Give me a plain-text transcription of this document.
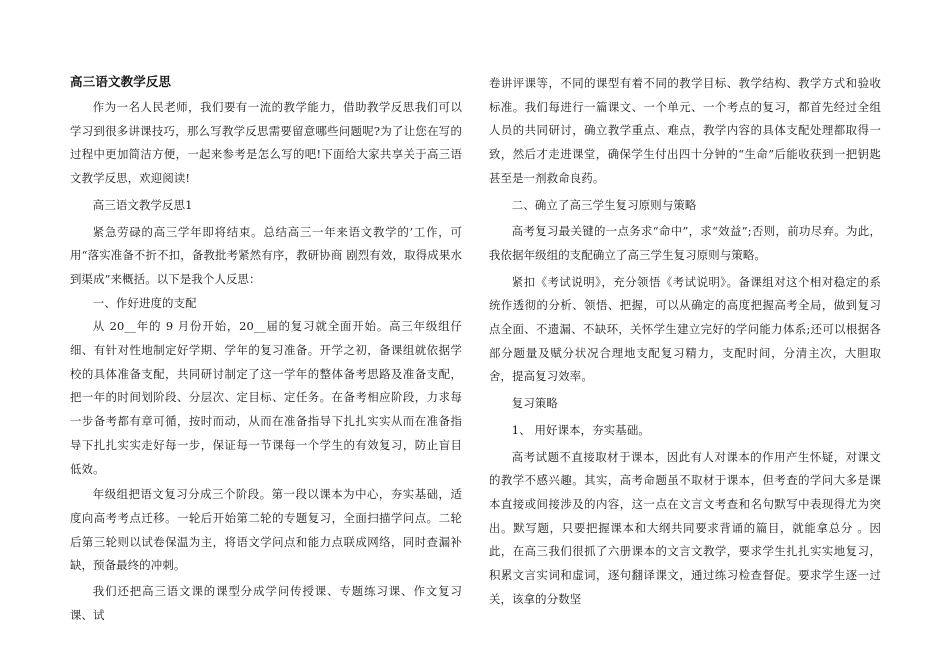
高三语文教学反思

作为一名人民老师，我们要有一流的教学能力，借助教学反思我们可以学习到很多讲课技巧，那么写教学反思需要留意哪些问题呢?为了让您在写的过程中更加简洁方便，一起来参考是怎么写的吧!下面给大家共享关于高三语文教学反思，欢迎阅读!

高三语文教学反思1

紧急劳碌的高三学年即将结束。总结高三一年来语文教学的’工作，可用“落实准备不折不扣，备教批考紧然有序，教研协商 剧烈有效，取得成果水到渠成”来概括。以下是我个人反思：

一、作好进度的支配

从 20__年的 9 月份开始，20__届的复习就全面开始。高三年级组仔细、有针对性地制定好学期、学年的复习准备。开学之初，备课组就依据学校的具体准备支配，共同研讨制定了这一学年的整体备考思路及准备支配，把一年的时间划阶段、分层次、定目标、定任务。在备考相应阶段，力求每一步备考都有章可循，按时而动，从而在准备指导下扎扎实实从而在准备指导下扎扎实实走好每一步，保证每一节课每一个学生的有效复习，防止盲目低效。

年级组把语文复习分成三个阶段。第一段以课本为中心，夯实基础，适度向高考考点迁移。一轮后开始第二轮的专题复习，全面扫描学问点。二轮后第三轮则以试卷保温为主，将语文学问点和能力点联成网络，同时查漏补缺，预备最终的冲刺。

我们还把高三语文课的课型分成学问传授课、专题练习课、作文复习课、试

卷讲评课等，不同的课型有着不同的教学目标、教学结构、教学方式和验收标准。我们每进行一篇课文、一个单元、一个考点的复习，都首先经过全组人员的共同研讨，确立教学重点、难点，教学内容的具体支配处理都取得一致，然后才走进课堂，确保学生付出四十分钟的“生命”后能收获到一把钥匙甚至是一剂救命良药。

二、确立了高三学生复习原则与策略

高考复习最关键的一点务求“命中”，求“效益”;否则，前功尽弃。为此，我依据年级组的支配确立了高三学生复习原则与策略。

紧扣《考试说明》，充分领悟《考试说明》。备课组对这个相对稳定的系统作透彻的分析、领悟、把握，可以从确定的高度把握高考全局，做到复习点全面、不遗漏、不缺环，关怀学生建立完好的学问能力体系;还可以根据各部分题量及赋分状况合理地支配复习精力，支配时间，分清主次，大胆取舍，提高复习效率。

复习策略

1、 用好课本，夯实基础。

高考试题不直接取材于课本，因此有人对课本的作用产生怀疑，对课文的教学不感兴趣。其实，高考命题虽不取材于课本，但考查的学问大多是课本直接或间接涉及的内容，这一点在文言文考查和名句默写中表现得尤为突出。默写题，只要把握课本和大纲共同要求背诵的篇目，就能拿总分 。因此，在高三我们很抓了六册课本的文言文教学，要求学生扎扎实实地复习，积累文言实词和虚词，逐句翻译课文，通过练习检查督促。要求学生逐一过关，该拿的分数坚
